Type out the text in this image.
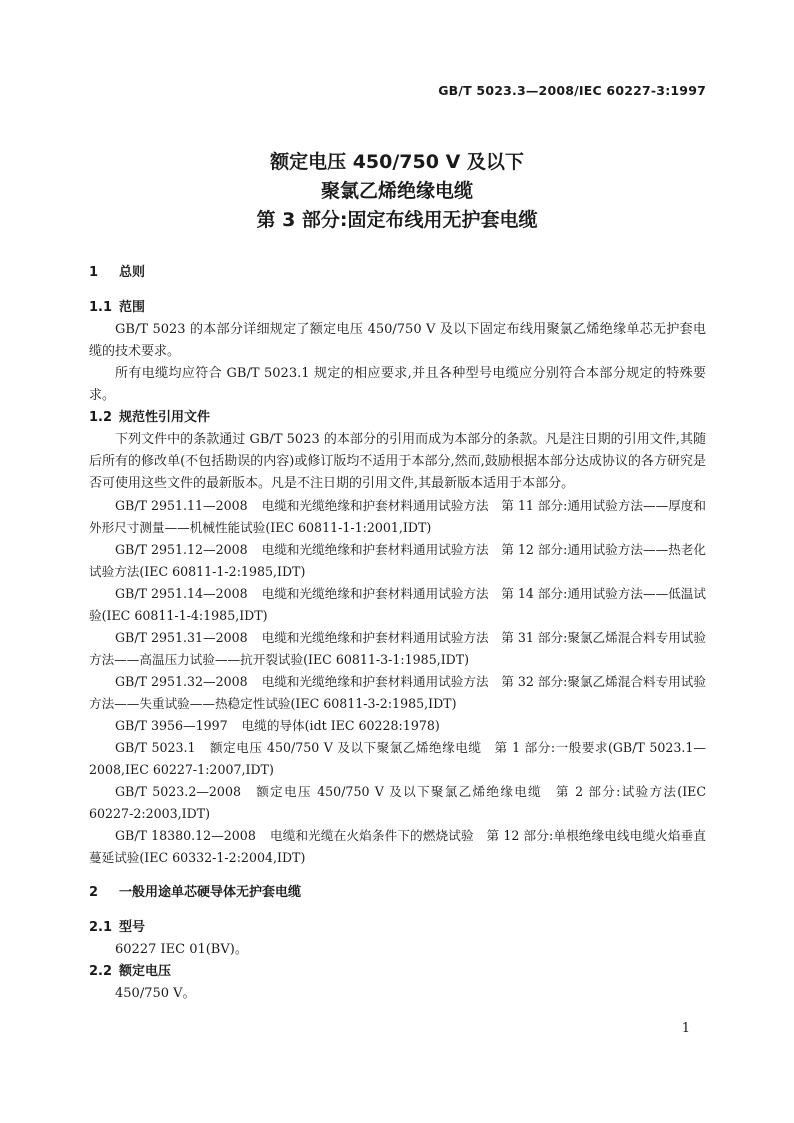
GB/T 5023.3—2008/IEC 60227-3:1997
额定电压 450/750 V 及以下
聚氯乙烯绝缘电缆
第 3 部分:固定布线用无护套电缆
1 总则
1.1 范围

GB/T 5023 的本部分详细规定了额定电压 450/750 V 及以下固定布线用聚氯乙烯绝缘单芯无护套电缆的技术要求。

所有电缆均应符合 GB/T 5023.1 规定的相应要求,并且各种型号电缆应分别符合本部分规定的特殊要求。

1.2 规范性引用文件

下列文件中的条款通过 GB/T 5023 的本部分的引用而成为本部分的条款。凡是注日期的引用文件,其随后所有的修改单(不包括勘误的内容)或修订版均不适用于本部分,然而,鼓励根据本部分达成协议的各方研究是否可使用这些文件的最新版本。凡是不注日期的引用文件,其最新版本适用于本部分。

GB/T 2951.11—2008 电缆和光缆绝缘和护套材料通用试验方法　第 11 部分:通用试验方法——厚度和外形尺寸测量——机械性能试验(IEC 60811-1-1:2001,IDT)

GB/T 2951.12—2008 电缆和光缆绝缘和护套材料通用试验方法　第 12 部分:通用试验方法——热老化试验方法(IEC 60811-1-2:1985,IDT)

GB/T 2951.14—2008 电缆和光缆绝缘和护套材料通用试验方法　第 14 部分:通用试验方法——低温试验(IEC 60811-1-4:1985,IDT)

GB/T 2951.31—2008 电缆和光缆绝缘和护套材料通用试验方法　第 31 部分:聚氯乙烯混合料专用试验方法——高温压力试验——抗开裂试验(IEC 60811-3-1:1985,IDT)

GB/T 2951.32—2008 电缆和光缆绝缘和护套材料通用试验方法　第 32 部分:聚氯乙烯混合料专用试验方法——失重试验——热稳定性试验(IEC 60811-3-2:1985,IDT)

GB/T 3956—1997 电缆的导体(idt IEC 60228:1978)

GB/T 5023.1 额定电压 450/750 V 及以下聚氯乙烯绝缘电缆　第 1 部分:一般要求(GB/T 5023.1—2008,IEC 60227-1:2007,IDT)

GB/T 5023.2—2008 额定电压 450/750 V 及以下聚氯乙烯绝缘电缆　第 2 部分:试验方法(IEC 60227-2:2003,IDT)

GB/T 18380.12—2008 电缆和光缆在火焰条件下的燃烧试验　第 12 部分:单根绝缘电线电缆火焰垂直蔓延试验(IEC 60332-1-2:2004,IDT)

2 一般用途单芯硬导体无护套电缆
2.1 型号
60227 IEC 01(BV)。
2.2 额定电压
450/750 V。
1
